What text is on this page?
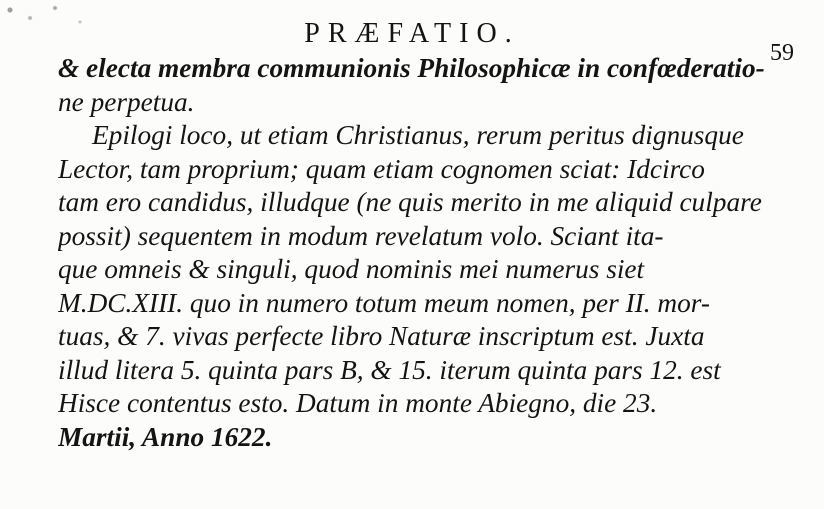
PRÆFATIO.
59
& electa membra communionis Philosophicæ in confœderatio-
ne perpetua.
Epilogi loco, ut etiam Christianus, rerum peritus dignusque
Lector, tam proprium; quam etiam cognomen sciat: Idcirco
tam ero candidus, illudque (ne quis merito in me aliquid culpare
possit) sequentem in modum revelatum volo. Sciant ita-
que omneis & singuli, quod nominis mei numerus siet
M.DC.XIII. quo in numero totum meum nomen, per II. mor-
tuas, & 7. vivas perfecte libro Naturæ inscriptum est. Juxta
illud litera 5. quinta pars B, & 15. iterum quinta pars 12. est
Hisce contentus esto. Datum in monte Abiegno, die 23.
Martii, Anno 1622.
